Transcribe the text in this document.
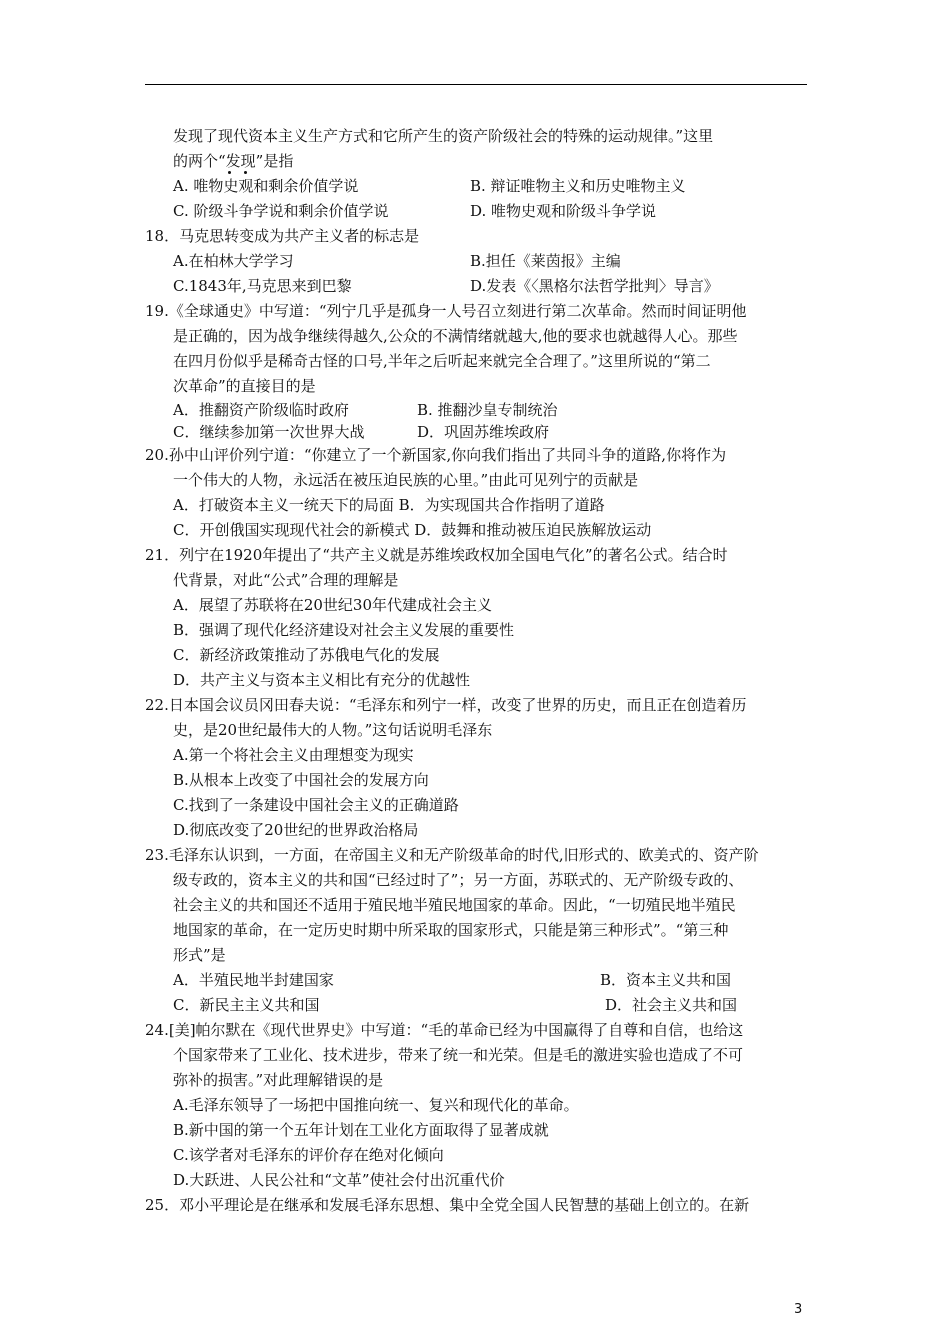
发现了现代资本主义生产方式和它所产生的资产阶级社会的特殊的运动规律。”这里
的两个“发现”
是指
A. 唯物史观和剩余价值学说	B. 辩证唯物主义和历史唯物主义
C. 阶级斗争学说和剩余价值学说	D. 唯物史观和阶级斗争学说
18．马克思转变成为共产主义者的标志是
A.在柏林大学学习	B.担任《莱茵报》主编
C.1843年,马克思来到巴黎	D.发表《〈黑格尔法哲学批判〉导言》
19.《全球通史》中写道：“列宁几乎是孤身一人号召立刻进行第二次革命。然而时间证明他
是正确的，因为战争继续得越久,公众的不满情绪就越大,他的要求也就越得人心。那些
在四月份似乎是稀奇古怪的口号,半年之后听起来就完全合理了。”这里所说的“第二
次革命”的直接目的是
A．推翻资产阶级临时政府	B. 推翻沙皇专制统治
C．继续参加第一次世界大战	D．巩固苏维埃政府
20.孙中山评价列宁道：“你建立了一个新国家,你向我们指出了共同斗争的道路,你将作为
一个伟大的人物，永远活在被压迫民族的心里。”由此可见列宁的贡献是
A．打破资本主义一统天下的局面 B．为实现国共合作指明了道路
C．开创俄国实现现代社会的新模式 D．鼓舞和推动被压迫民族解放运动
21．列宁在1920年提出了“共产主义就是苏维埃政权加全国电气化”的著名公式。结合时
代背景，对此“公式”合理的理解是
A．展望了苏联将在20世纪30年代建成社会主义
B．强调了现代化经济建设对社会主义发展的重要性
C．新经济政策推动了苏俄电气化的发展
D．共产主义与资本主义相比有充分的优越性
22.日本国会议员冈田春夫说：“毛泽东和列宁一样，改变了世界的历史，而且正在创造着历
史，是20世纪最伟大的人物。”这句话说明毛泽东
A.第一个将社会主义由理想变为现实
B.从根本上改变了中国社会的发展方向
C.找到了一条建设中国社会主义的正确道路
D.彻底改变了20世纪的世界政治格局
23.毛泽东认识到，一方面，在帝国主义和无产阶级革命的时代,旧形式的、欧美式的、资产阶
级专政的，资本主义的共和国“已经过时了”；另一方面，苏联式的、无产阶级专政的、
社会主义的共和国还不适用于殖民地半殖民地国家的革命。因此，“一切殖民地半殖民
地国家的革命，在一定历史时期中所采取的国家形式，只能是第三种形式”。“第三种
形式”是
A．半殖民地半封建国家	B．资本主义共和国
C．新民主主义共和国	D．社会主义共和国
24.[美]帕尔默在《现代世界史》中写道：“毛的革命已经为中国赢得了自尊和自信，也给这
个国家带来了工业化、技术进步，带来了统一和光荣。但是毛的激进实验也造成了不可
弥补的损害。”对此理解错误的是
A.毛泽东领导了一场把中国推向统一、复兴和现代化的革命。
B.新中国的第一个五年计划在工业化方面取得了显著成就
C.该学者对毛泽东的评价存在绝对化倾向
D.大跃进、人民公社和“文革”使社会付出沉重代价
25．邓小平理论是在继承和发展毛泽东思想、集中全党全国人民智慧的基础上创立的。在新
3
